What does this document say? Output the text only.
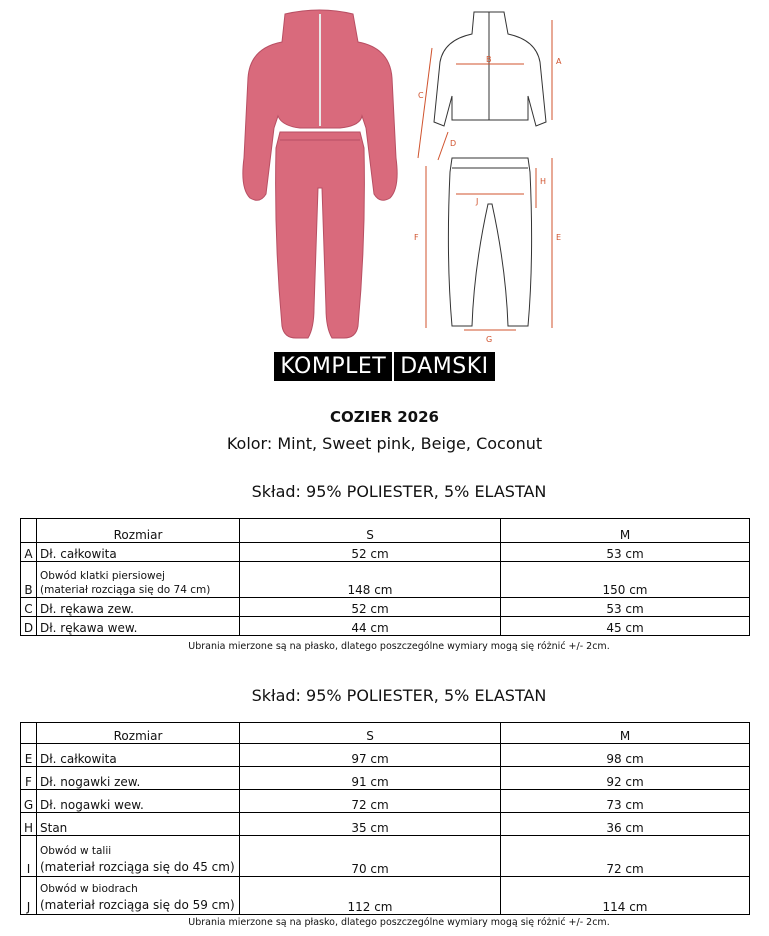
A
B
C
D
E
F
G
H
J
KOMPLET DAMSKI
COZIER 2026
Kolor: Mint, Sweet pink, Beige, Coconut
Skład: 95% POLIESTER, 5% ELASTAN
	Rozmiar	S	M
A	Dł. całkowita	52 cm	53 cm
B	Obwód klatki piersiowej
(materiał rozciąga się do 74 cm)	148 cm	150 cm
C	Dł. rękawa zew.	52 cm	53 cm
D	Dł. rękawa wew.	44 cm	45 cm
Ubrania mierzone są na płasko, dlatego poszczególne wymiary mogą się różnić +/- 2cm.
Skład: 95% POLIESTER, 5% ELASTAN
	Rozmiar	S	M
E	Dł. całkowita	97 cm	98 cm
F	Dł. nogawki zew.	91 cm	92 cm
G	Dł. nogawki wew.	72 cm	73 cm
H	Stan	35 cm	36 cm
I	Obwód w talii
(materiał rozciąga się do 45 cm)	70 cm	72 cm
J	Obwód w biodrach
(materiał rozciąga się do 59 cm)	112 cm	114 cm
Ubrania mierzone są na płasko, dlatego poszczególne wymiary mogą się różnić +/- 2cm.
